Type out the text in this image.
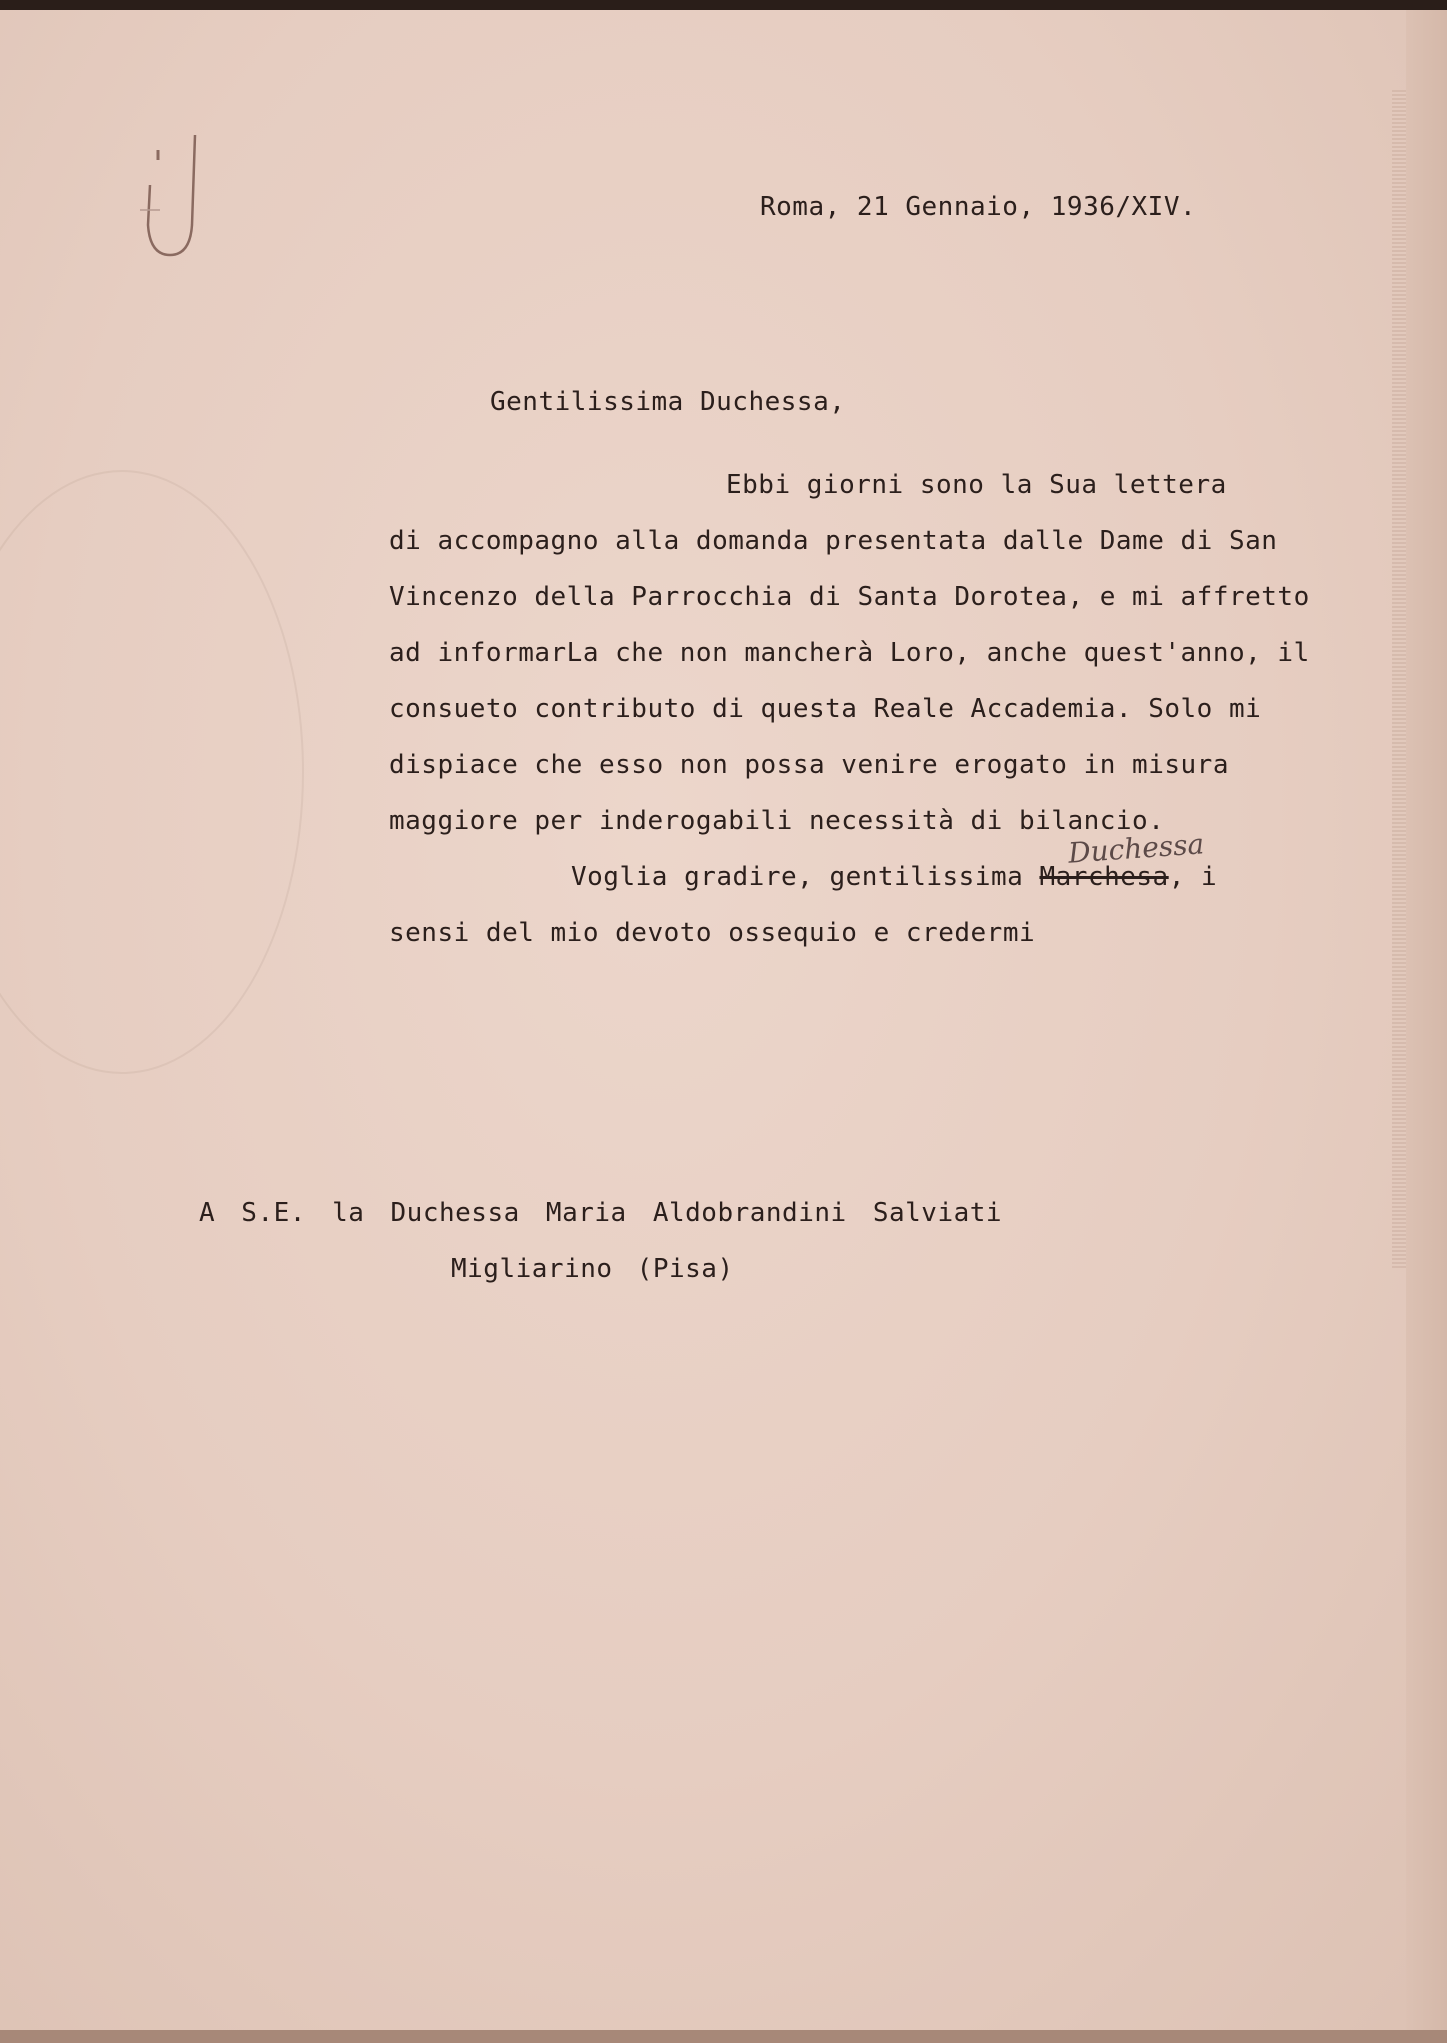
Roma, 21 Gennaio, 1936/XIV.
Gentilissima Duchessa,
Ebbi giorni sono la Sua lettera
di accompagno alla domanda presentata dalle Dame di San
Vincenzo della Parrocchia di Santa Dorotea, e mi affretto
ad informarLa che non mancherà Loro, anche quest'anno, il
consueto contributo di questa Reale Accademia. Solo mi
dispiace che esso non possa venire erogato in misura
maggiore per inderogabili necessità di bilancio.
Voglia gradire, gentilissima Marchesa, i
Duchessa
sensi del mio devoto ossequio e credermi
A S.E. la Duchessa Maria Aldobrandini Salviati
Migliarino (Pisa)
